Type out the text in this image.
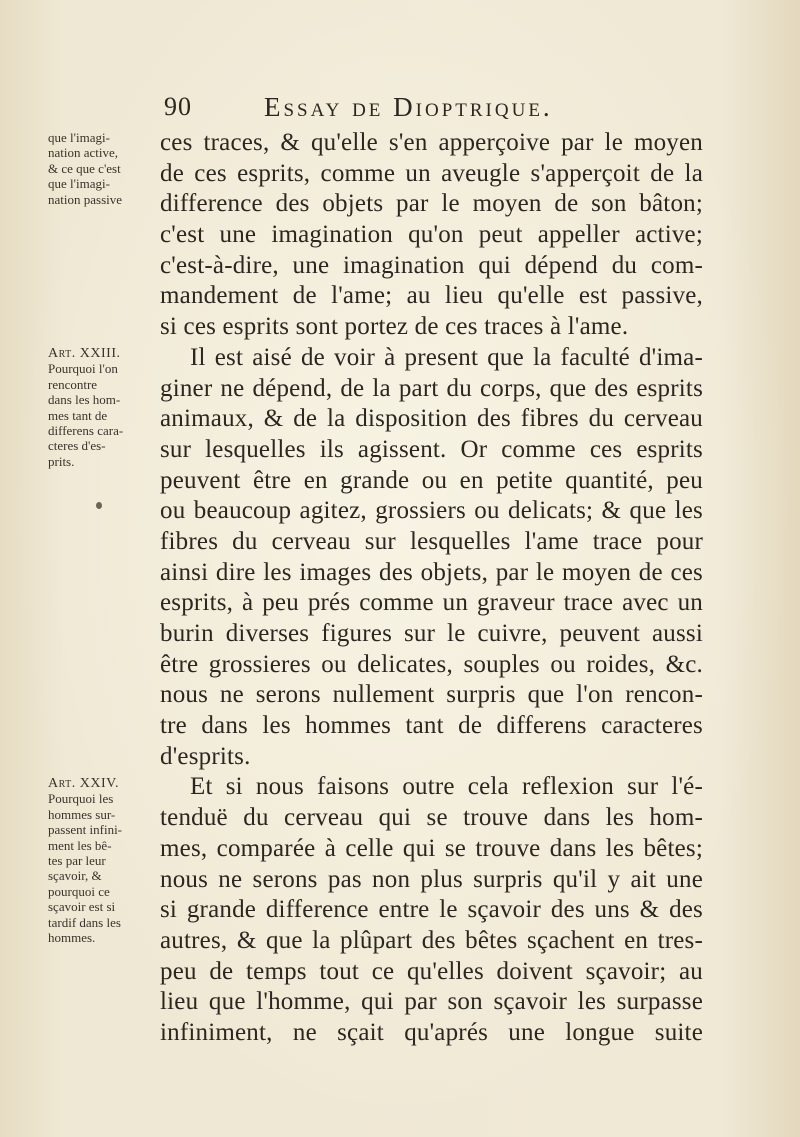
90	Essay de Dioptrique.
que l'imagi-
nation active,
& ce que c'est
que l'imagi-
nation passive
Art. XXIII.
Pourquoi l'on
rencontre
dans les hom-
mes tant de
differens cara-
cteres d'es-
prits.
Art. XXIV.
Pourquoi les
hommes sur-
passent infini-
ment les bê-
tes par leur
sçavoir, &
pourquoi ce
sçavoir est si
tardif dans les
hommes.
ces traces, & qu'elle s'en apperçoive par le moyen
de ces esprits, comme un aveugle s'apperçoit de la
difference des objets par le moyen de son bâton;
c'est une imagination qu'on peut appeller active;
c'est-à-dire, une imagination qui dépend du com-
mandement de l'ame; au lieu qu'elle est passive,
si ces esprits sont portez de ces traces à l'ame.
Il est aisé de voir à present que la faculté d'ima-
giner ne dépend, de la part du corps, que des esprits
animaux, & de la disposition des fibres du cerveau
sur lesquelles ils agissent. Or comme ces esprits
peuvent être en grande ou en petite quantité, peu
ou beaucoup agitez, grossiers ou delicats; & que les
fibres du cerveau sur lesquelles l'ame trace pour
ainsi dire les images des objets, par le moyen de ces
esprits, à peu prés comme un graveur trace avec un
burin diverses figures sur le cuivre, peuvent aussi
être grossieres ou delicates, souples ou roides, &c.
nous ne serons nullement surpris que l'on rencon-
tre dans les hommes tant de differens caracteres
d'esprits.
Et si nous faisons outre cela reflexion sur l'é-
tenduë du cerveau qui se trouve dans les hom-
mes, comparée à celle qui se trouve dans les bêtes;
nous ne serons pas non plus surpris qu'il y ait une
si grande difference entre le sçavoir des uns & des
autres, & que la plûpart des bêtes sçachent en tres-
peu de temps tout ce qu'elles doivent sçavoir; au
lieu que l'homme, qui par son sçavoir les surpasse
infiniment, ne sçait qu'aprés une longue suite
